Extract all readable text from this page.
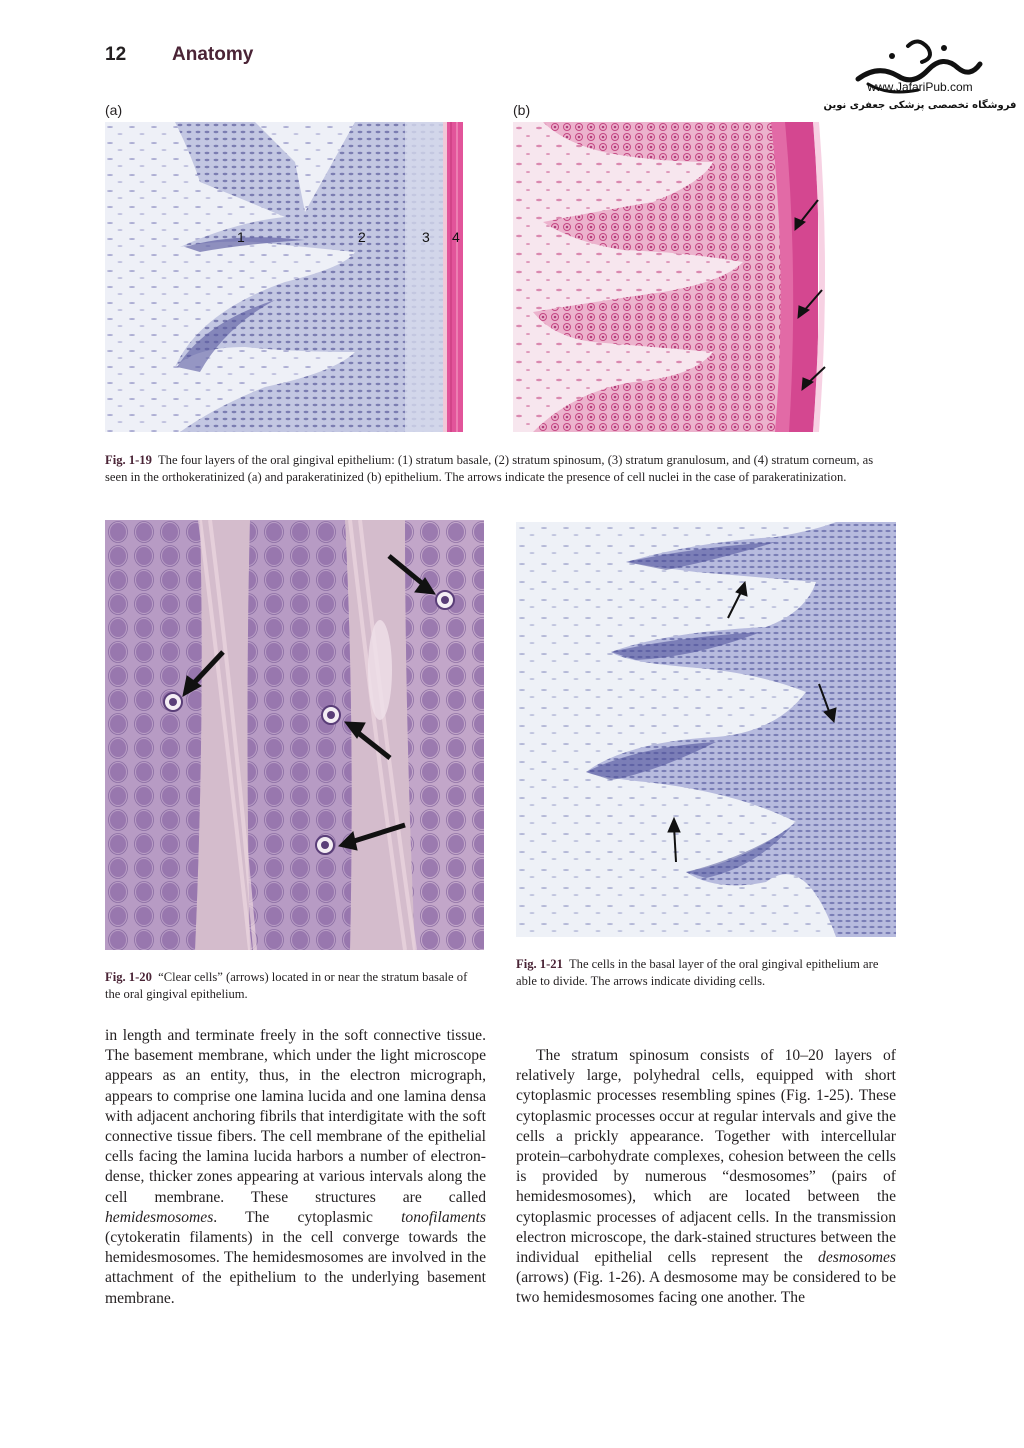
12 Anatomy
www.JafariPub.com
فروشگاه تخصصی پزشکی جعفری نوین
(a)	(b)
1	2	3 4
Fig. 1-19 The four layers of the oral gingival epithelium: (1) stratum basale, (2) stratum spinosum, (3) stratum granulosum, and (4) stratum corneum, as seen in the orthokeratinized (a) and parakeratinized (b) epithelium. The arrows indicate the presence of cell nuclei in the case of parakeratinization.
Fig. 1-20 “Clear cells” (arrows) located in or near the stratum basale of the oral gingival epithelium.
Fig. 1-21 The cells in the basal layer of the oral gingival epithelium are able to divide. The arrows indicate dividing cells.

in length and terminate freely in the soft connective tissue. The basement membrane, which under the light microscope appears as an entity, thus, in the electron micrograph, appears to comprise one lamina lucida and one lamina densa with adjacent anchoring fibrils that interdigitate with the soft connective tissue fibers. The cell membrane of the epithelial cells facing the lamina lucida harbors a number of electron-dense, thicker zones appearing at various intervals along the cell membrane. These structures are called hemidesmosomes. The cytoplasmic tonofilaments (cytokeratin filaments) in the cell converge towards the hemidesmosomes. The hemidesmosomes are involved in the attachment of the epithelium to the underlying basement membrane.

The stratum spinosum consists of 10–20 layers of relatively large, polyhedral cells, equipped with short cytoplasmic processes resembling spines (Fig. 1-25). These cytoplasmic processes occur at regular intervals and give the cells a prickly appearance. Together with intercellular protein–carbohydrate complexes, cohesion between the cells is provided by numerous “desmosomes” (pairs of hemidesmosomes), which are located between the cytoplasmic processes of adjacent cells. In the transmission electron microscope, the dark-stained structures between the individual epithelial cells represent the desmosomes (arrows) (Fig. 1-26). A desmosome may be considered to be two hemidesmosomes facing one another. The
